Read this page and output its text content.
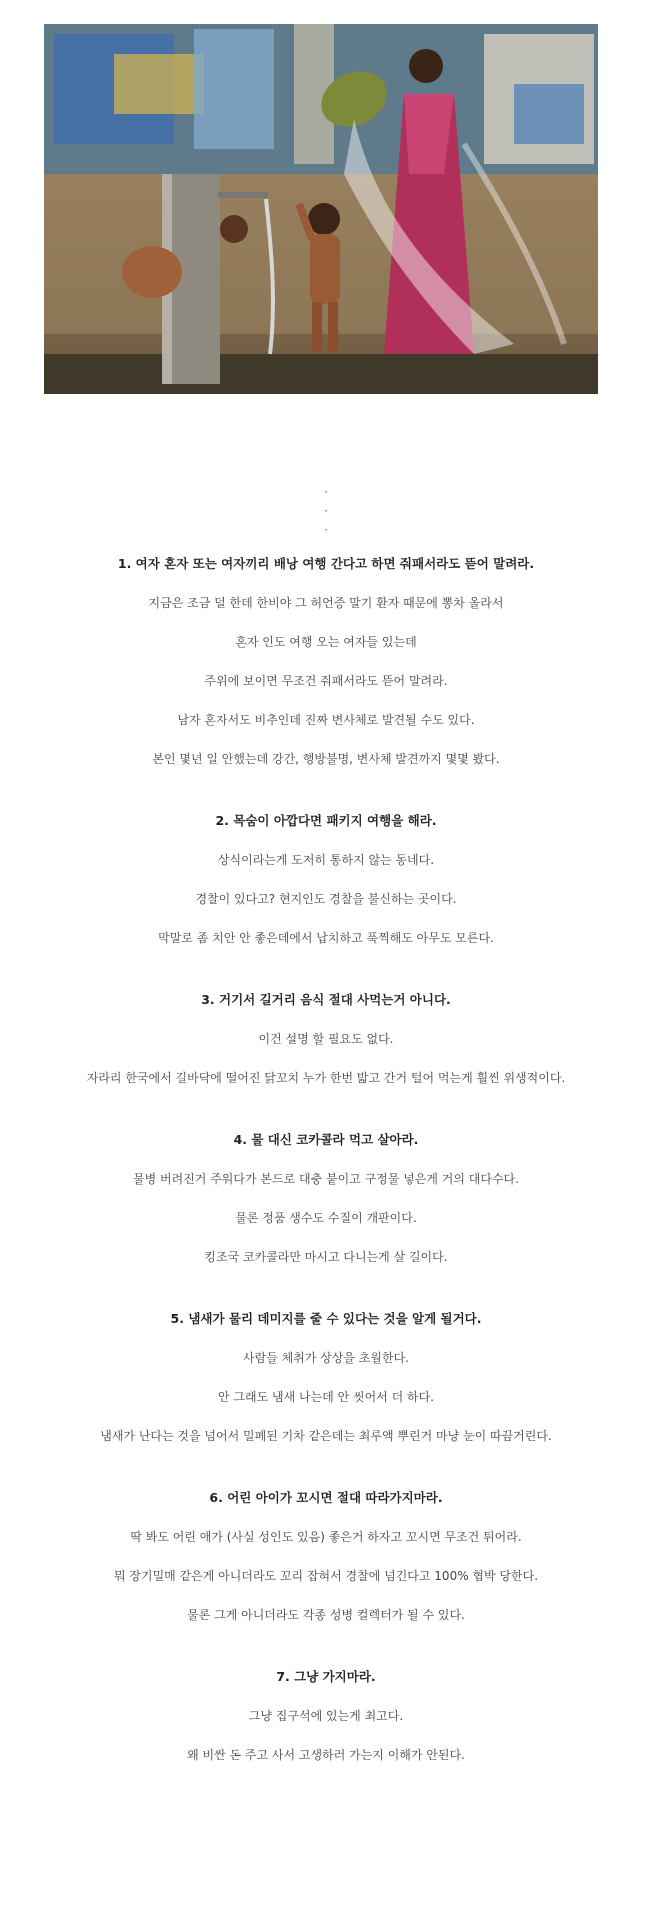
·
·
·
1. 여자 혼자 또는 여자끼리 배낭 여행 간다고 하면 줘패서라도 뜯어 말려라.
지금은 조금 덜 한데 한비야 그 허언증 말기 환자 때문에 뽕차 올라서
혼자 인도 여행 오는 여자들 있는데
주위에 보이면 무조건 줘패서라도 뜯어 말려라.
남자 혼자서도 비추인데 진짜 변사체로 발견될 수도 있다.
본인 몇년 일 안했는데 강간, 행방불명, 변사체 발견까지 몇몇 봤다.
2. 목숨이 아깝다면 패키지 여행을 해라.
상식이라는게 도저히 통하지 않는 동네다.
경찰이 있다고? 현지인도 경찰을 불신하는 곳이다.
막말로 좀 치안 안 좋은데에서 납치하고 푹찍해도 아무도 모른다.
3. 거기서 길거리 음식 절대 사먹는거 아니다.
이건 설명 할 필요도 없다.
자라리 한국에서 길바닥에 떨어진 닭꼬치 누가 한번 밟고 간거 털어 먹는게 훨씬 위생적이다.
4. 물 대신 코카콜라 먹고 살아라.
물병 버려진거 주워다가 본드로 대충 붙이고 구정물 넣은게 거의 대다수다.
물론 정품 생수도 수질이 개판이다.
킹조국 코카콜라만 마시고 다니는게 살 길이다.
5. 냄새가 물리 데미지를 줄 수 있다는 것을 알게 될거다.
사람들 체취가 상상을 초월한다.
안 그래도 냄새 나는데 안 씻어서 더 하다.
냄새가 난다는 것을 넘어서 밀폐된 기차 같은데는 최루액 뿌린거 마냥 눈이 따끔거린다.
6. 어린 아이가 꼬시면 절대 따라가지마라.
딱 봐도 어린 애가 (사실 성인도 있음) 좋은거 하자고 꼬시면 무조건 튀어라.
뭐 장기밀매 같은게 아니더라도 꼬리 잡혀서 경찰에 넘긴다고 100% 협박 당한다.
물론 그게 아니더라도 각종 성병 컬렉터가 될 수 있다.
7. 그냥 가지마라.
그냥 집구석에 있는게 최고다.
왜 비싼 돈 주고 사서 고생하러 가는지 이해가 안된다.
